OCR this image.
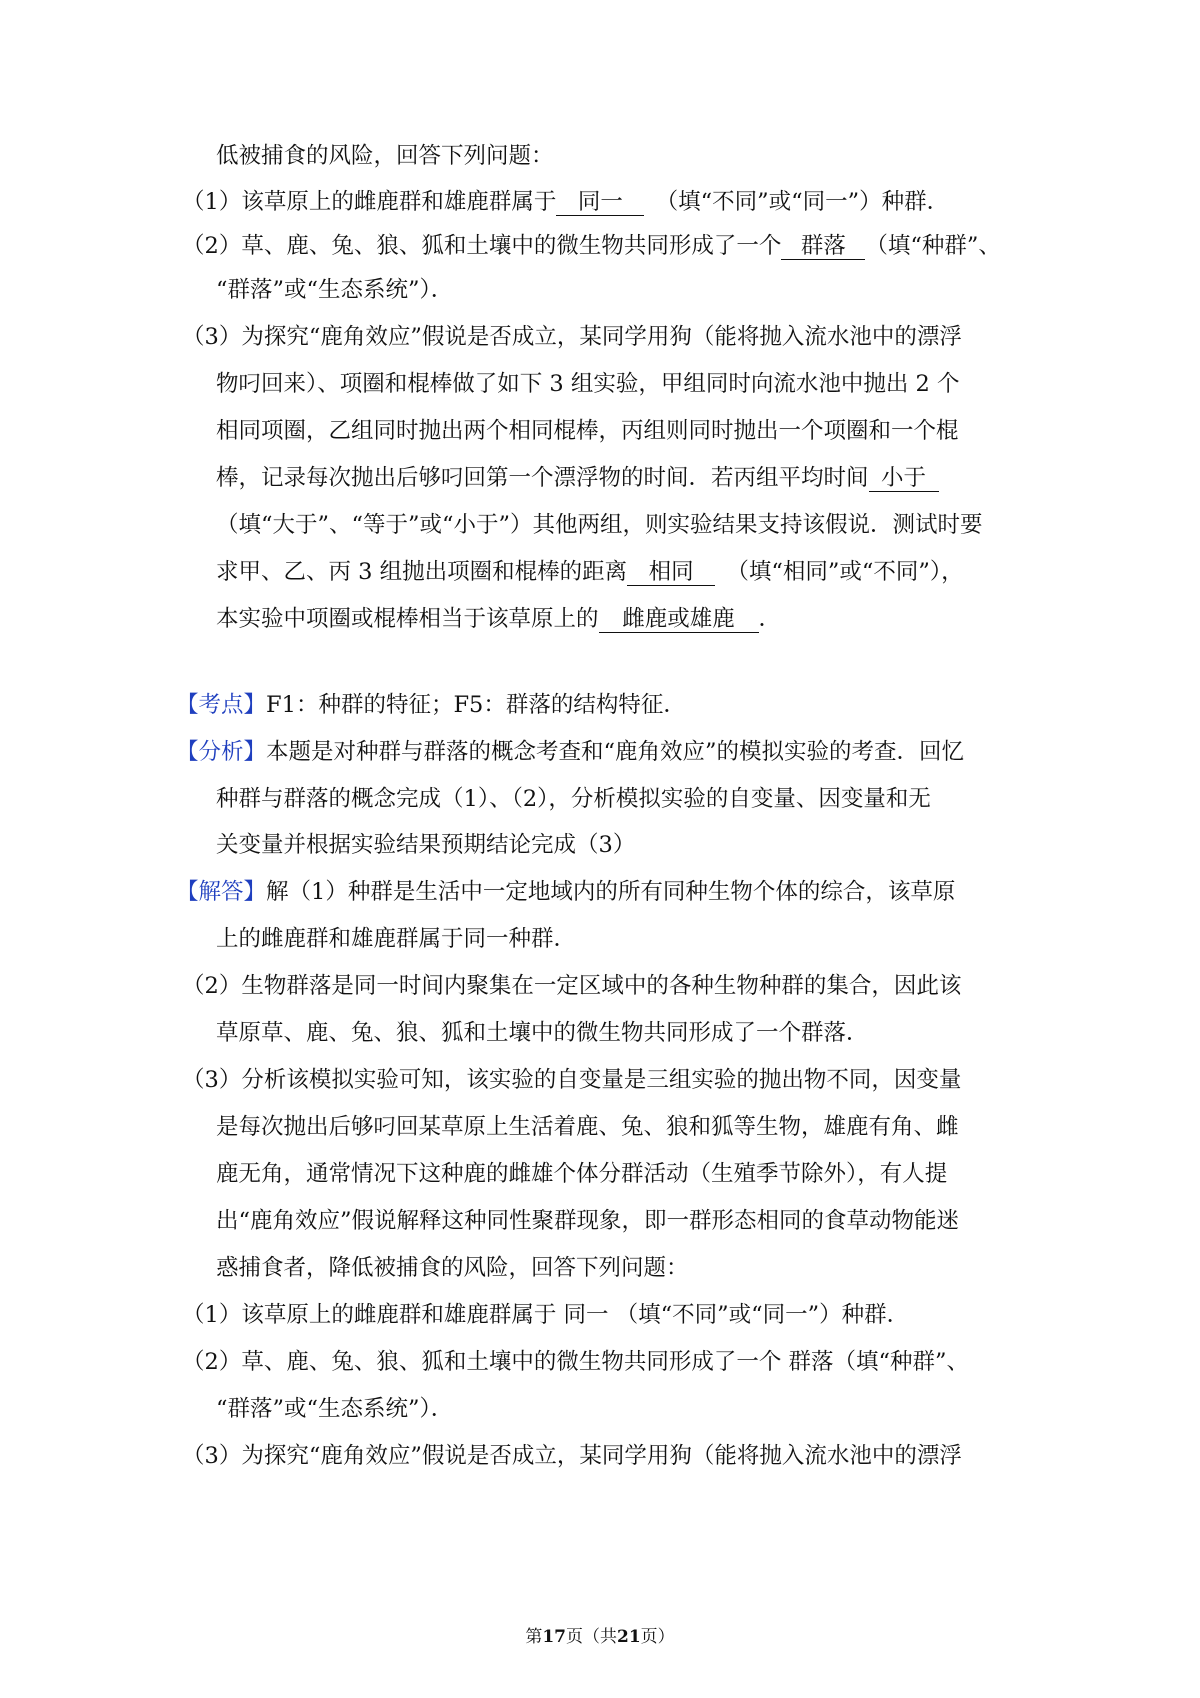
低被捕食的风险，回答下列问题：
（1）该草原上的雌鹿群和雄鹿群属于 同一　 （填“不同”或“同一”）种群．
（2）草、鹿、兔、狼、狐和土壤中的微生物共同形成了一个 群落 （填“种群”、
“群落”或“生态系统”）．
（3）为探究“鹿角效应”假说是否成立，某同学用狗（能将抛入流水池中的漂浮
物叼回来）、项圈和棍棒做了如下 3 组实验，甲组同时向流水池中抛出 2 个
相同项圈，乙组同时抛出两个相同棍棒，丙组则同时抛出一个项圈和一个棍
棒，记录每次抛出后够叼回第一个漂浮物的时间．若丙组平均时间 小于
（填“大于”、“等于”或“小于”）其他两组，则实验结果支持该假说．测试时要
求甲、乙、丙 3 组抛出项圈和棍棒的距离 相同　 （填“相同”或“不同”），
本实验中项圈或棍棒相当于该草原上的 雌鹿或雄鹿 ．
【考点】F1：种群的特征；F5：群落的结构特征．
【分析】本题是对种群与群落的概念考查和“鹿角效应”的模拟实验的考查．回忆
种群与群落的概念完成（1）、（2），分析模拟实验的自变量、因变量和无
关变量并根据实验结果预期结论完成（3）
【解答】解（1）种群是生活中一定地域内的所有同种生物个体的综合，该草原
上的雌鹿群和雄鹿群属于同一种群．
（2）生物群落是同一时间内聚集在一定区域中的各种生物种群的集合，因此该
草原草、鹿、兔、狼、狐和土壤中的微生物共同形成了一个群落．
（3）分析该模拟实验可知，该实验的自变量是三组实验的抛出物不同，因变量
是每次抛出后够叼回某草原上生活着鹿、兔、狼和狐等生物，雄鹿有角、雌
鹿无角，通常情况下这种鹿的雌雄个体分群活动（生殖季节除外），有人提
出“鹿角效应”假说解释这种同性聚群现象，即一群形态相同的食草动物能迷
惑捕食者，降低被捕食的风险，回答下列问题：
（1）该草原上的雌鹿群和雄鹿群属于 同一 （填“不同”或“同一”）种群．
（2）草、鹿、兔、狼、狐和土壤中的微生物共同形成了一个 群落（填“种群”、
“群落”或“生态系统”）．
（3）为探究“鹿角效应”假说是否成立，某同学用狗（能将抛入流水池中的漂浮
第17页（共21页）
